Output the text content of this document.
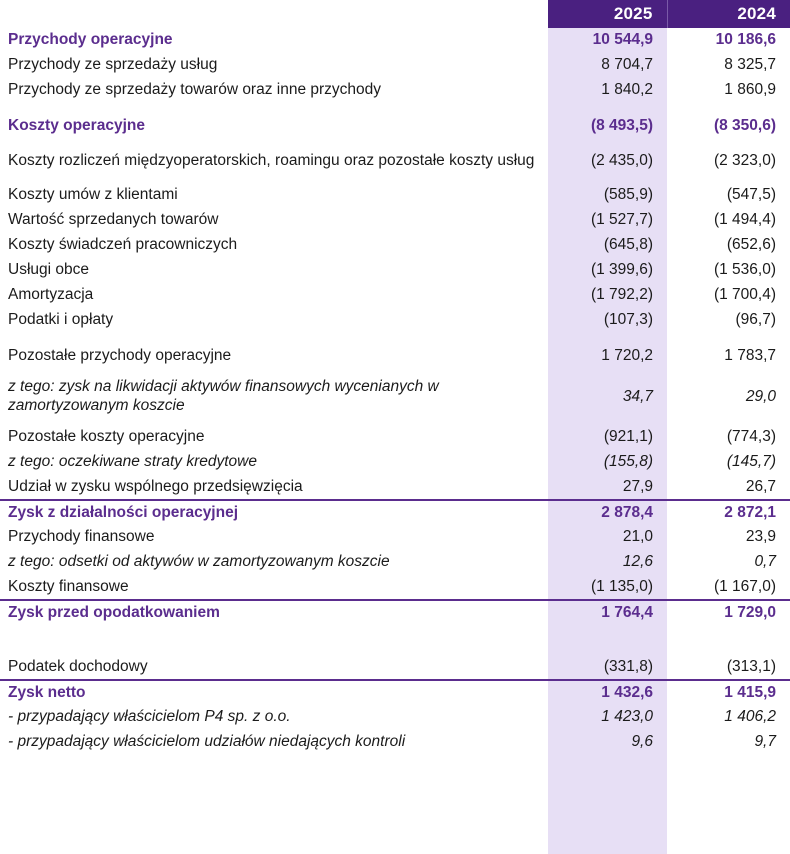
	2025	2024
Przychody operacyjne	10 544,9	10 186,6
Przychody ze sprzedaży usług	8 704,7	8 325,7
Przychody ze sprzedaży towarów oraz inne przychody	1 840,2	1 860,9

Koszty operacyjne	(8 493,5)	(8 350,6)
Koszty rozliczeń międzyoperatorskich, roamingu oraz pozostałe koszty usług	(2 435,0)	(2 323,0)
Koszty umów z klientami	(585,9)	(547,5)
Wartość sprzedanych towarów	(1 527,7)	(1 494,4)
Koszty świadczeń pracowniczych	(645,8)	(652,6)
Usługi obce	(1 399,6)	(1 536,0)
Amortyzacja	(1 792,2)	(1 700,4)
Podatki i opłaty	(107,3)	(96,7)

Pozostałe przychody operacyjne	1 720,2	1 783,7
z tego: zysk na likwidacji aktywów finansowych wycenianych w zamortyzowanym koszcie	34,7	29,0
Pozostałe koszty operacyjne	(921,1)	(774,3)
z tego: oczekiwane straty kredytowe	(155,8)	(145,7)
Udział w zysku wspólnego przedsięwzięcia	27,9	26,7
Zysk z działalności operacyjnej	2 878,4	2 872,1
Przychody finansowe	21,0	23,9
z tego: odsetki od aktywów w zamortyzowanym koszcie	12,6	0,7
Koszty finansowe	(1 135,0)	(1 167,0)
Zysk przed opodatkowaniem	1 764,4	1 729,0

Podatek dochodowy	(331,8)	(313,1)
Zysk netto	1 432,6	1 415,9
- przypadający właścicielom P4 sp. z o.o.	1 423,0	1 406,2
- przypadający właścicielom udziałów niedających kontroli	9,6	9,7
